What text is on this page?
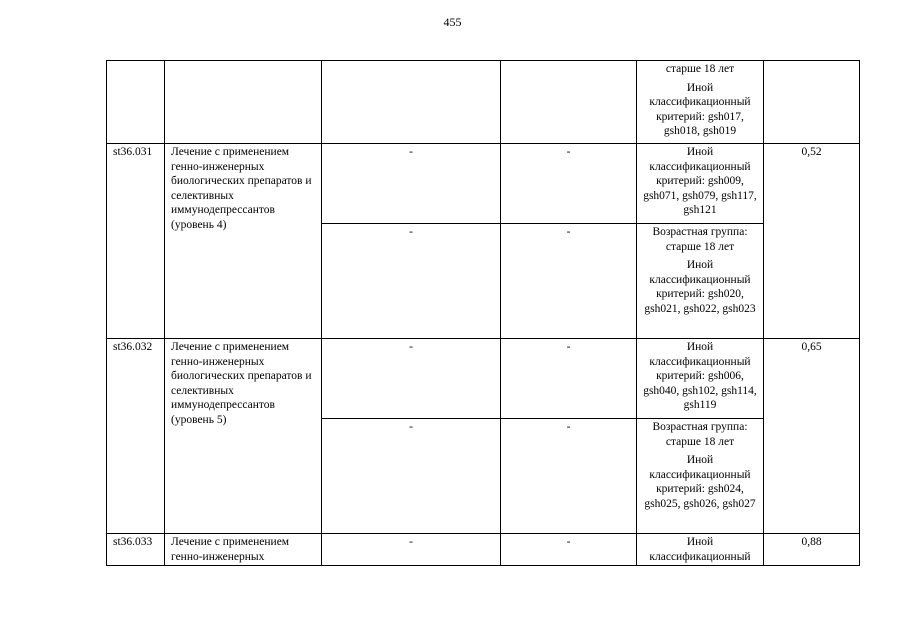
455

				старше 18 лет

Иной классификационный критерий: gsh017, gsh018, gsh019	

st36.031	Лечение с применением генно-инженерных биологических препаратов и селективных иммунодепрессантов (уровень 4)	-	-	Иной классификационный критерий: gsh009, gsh071, gsh079, gsh117, gsh121	0,52
		-	-	Возрастная группа: старше 18 лет

Иной классификационный критерий: gsh020, gsh021, gsh022, gsh023	

st36.032	Лечение с применением генно-инженерных биологических препаратов и селективных иммунодепрессантов (уровень 5)	-	-	Иной классификационный критерий: gsh006, gsh040, gsh102, gsh114, gsh119	0,65
		-	-	Возрастная группа: старше 18 лет

Иной классификационный критерий: gsh024, gsh025, gsh026, gsh027	

st36.033	Лечение с применением генно-инженерных	-	-	Иной классификационный	0,88
